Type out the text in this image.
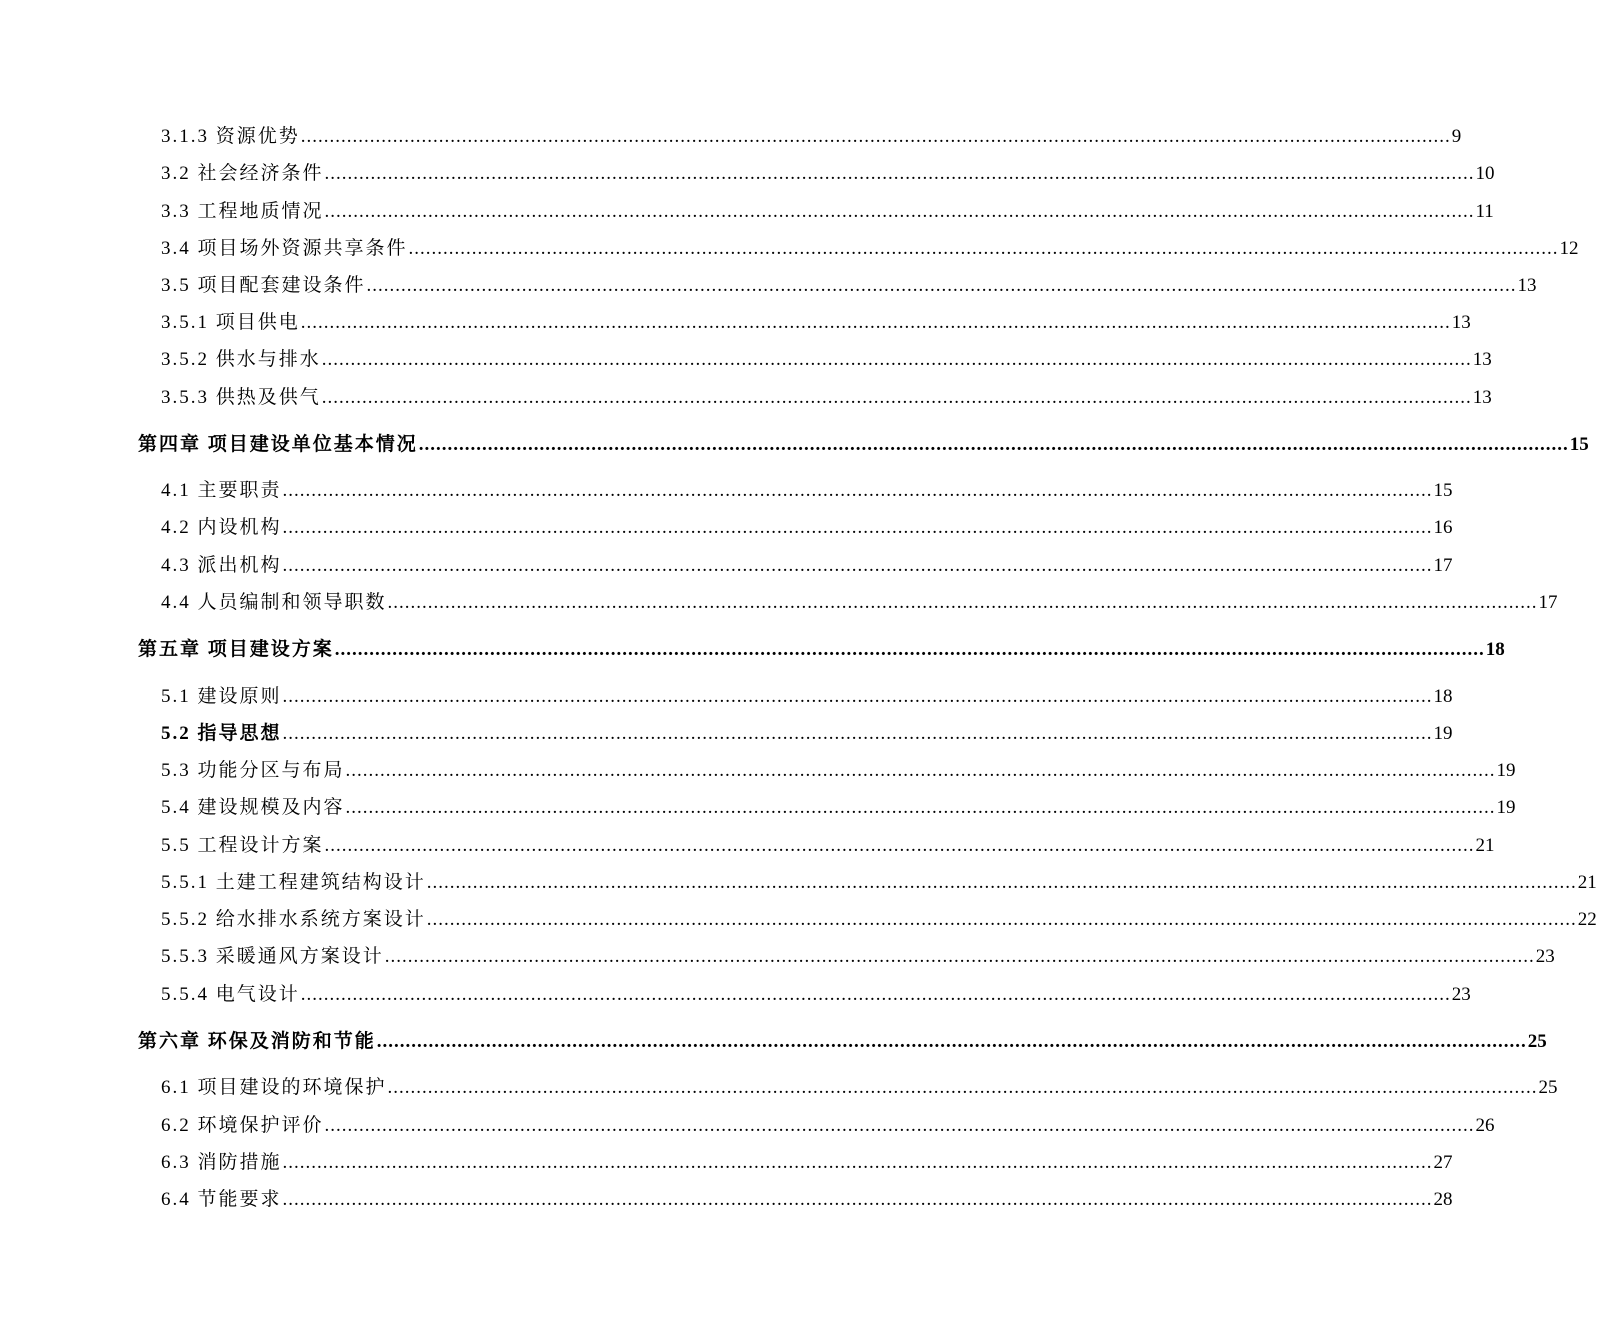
3.1.3 资源优势 ........................................................................................................................................................................................................ 9
3.2 社会经济条件 ........................................................................................................................................................................................................ 10
3.3 工程地质情况 ........................................................................................................................................................................................................ 11
3.4 项目场外资源共享条件 ........................................................................................................................................................................................................ 12
3.5 项目配套建设条件 ........................................................................................................................................................................................................ 13
3.5.1 项目供电 ........................................................................................................................................................................................................ 13
3.5.2 供水与排水 ........................................................................................................................................................................................................ 13
3.5.3 供热及供气 ........................................................................................................................................................................................................ 13
第四章 项目建设单位基本情况 ........................................................................................................................................................................................................ 15
4.1 主要职责 ........................................................................................................................................................................................................ 15
4.2 内设机构 ........................................................................................................................................................................................................ 16
4.3 派出机构 ........................................................................................................................................................................................................ 17
4.4 人员编制和领导职数 ........................................................................................................................................................................................................ 17
第五章 项目建设方案 ........................................................................................................................................................................................................ 18
5.1 建设原则 ........................................................................................................................................................................................................ 18
5.2 指导思想 ........................................................................................................................................................................................................ 19
5.3 功能分区与布局 ........................................................................................................................................................................................................ 19
5.4 建设规模及内容 ........................................................................................................................................................................................................ 19
5.5 工程设计方案 ........................................................................................................................................................................................................ 21
5.5.1 土建工程建筑结构设计 ........................................................................................................................................................................................................ 21
5.5.2 给水排水系统方案设计 ........................................................................................................................................................................................................ 22
5.5.3 采暖通风方案设计 ........................................................................................................................................................................................................ 23
5.5.4 电气设计 ........................................................................................................................................................................................................ 23
第六章 环保及消防和节能 ........................................................................................................................................................................................................ 25
6.1 项目建设的环境保护 ........................................................................................................................................................................................................ 25
6.2 环境保护评价 ........................................................................................................................................................................................................ 26
6.3 消防措施 ........................................................................................................................................................................................................ 27
6.4 节能要求 ........................................................................................................................................................................................................ 28
